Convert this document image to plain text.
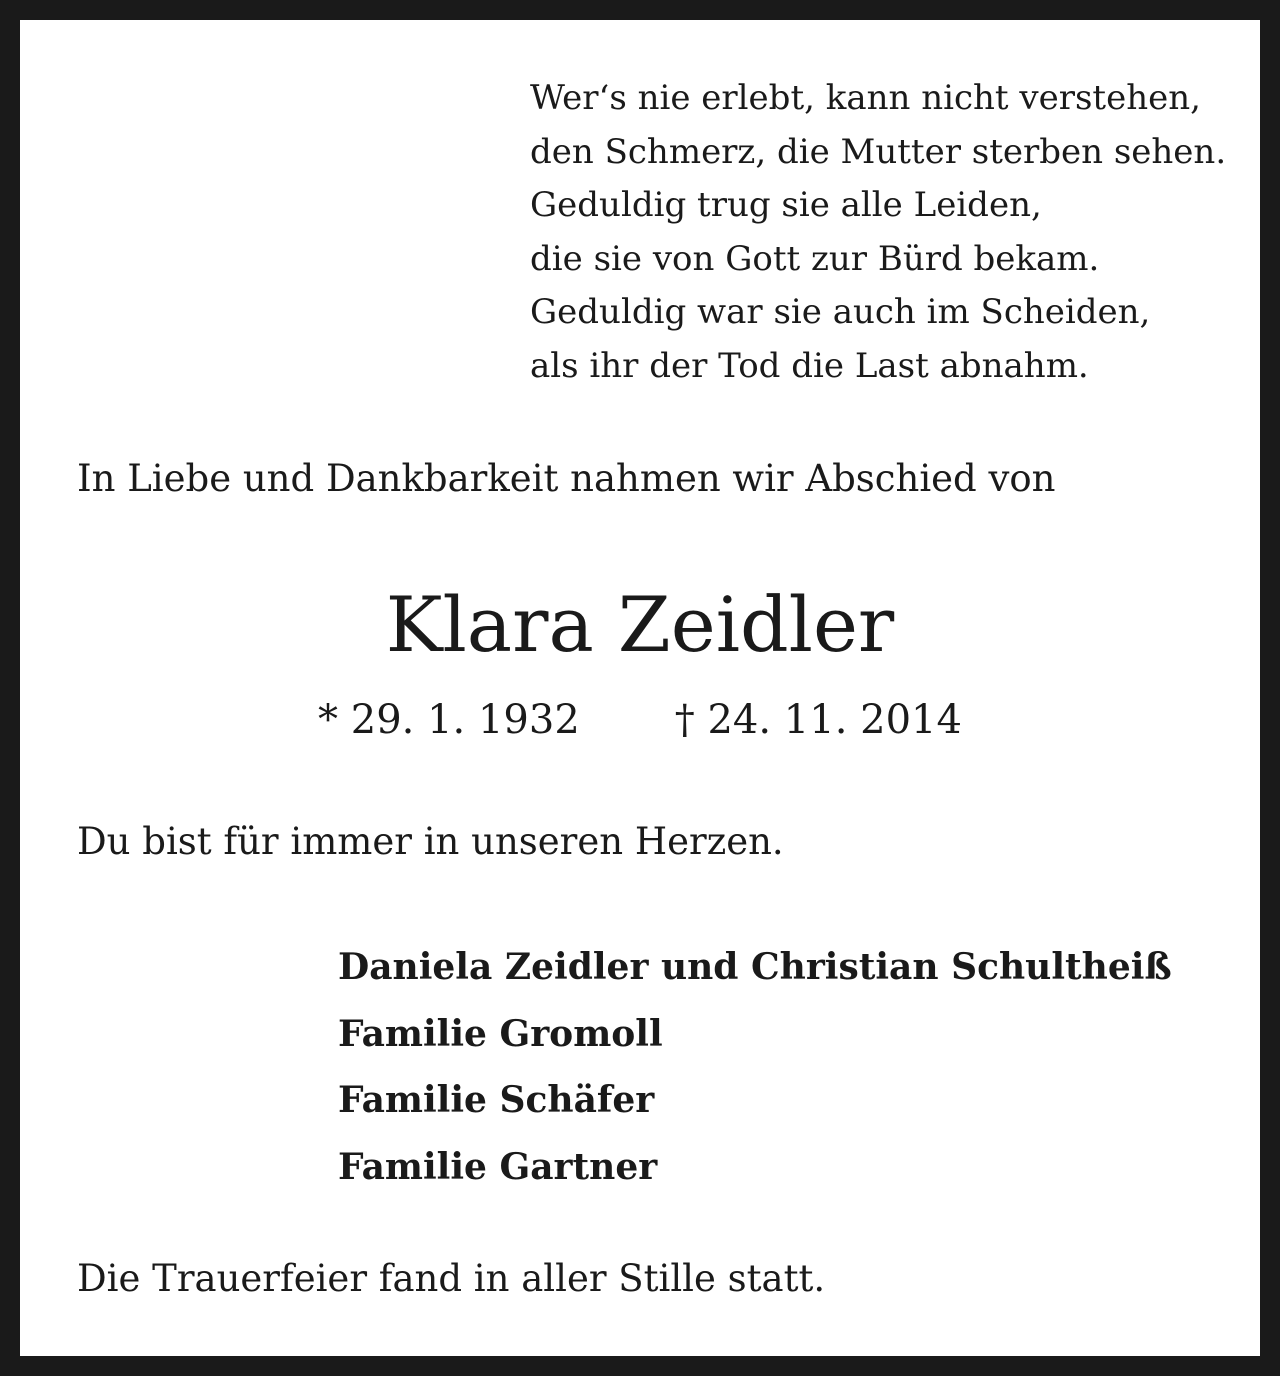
Wer‘s nie erlebt, kann nicht verstehen,
den Schmerz, die Mutter sterben sehen.
Geduldig trug sie alle Leiden,
die sie von Gott zur Bürd bekam.
Geduldig war sie auch im Scheiden,
als ihr der Tod die Last abnahm.
In Liebe und Dankbarkeit nahmen wir Abschied von
Klara Zeidler
* 29. 1. 1932 † 24. 11. 2014
Du bist für immer in unseren Herzen.
Daniela Zeidler und Christian Schultheiß
Familie Gromoll
Familie Schäfer
Familie Gartner
Die Trauerfeier fand in aller Stille statt.
